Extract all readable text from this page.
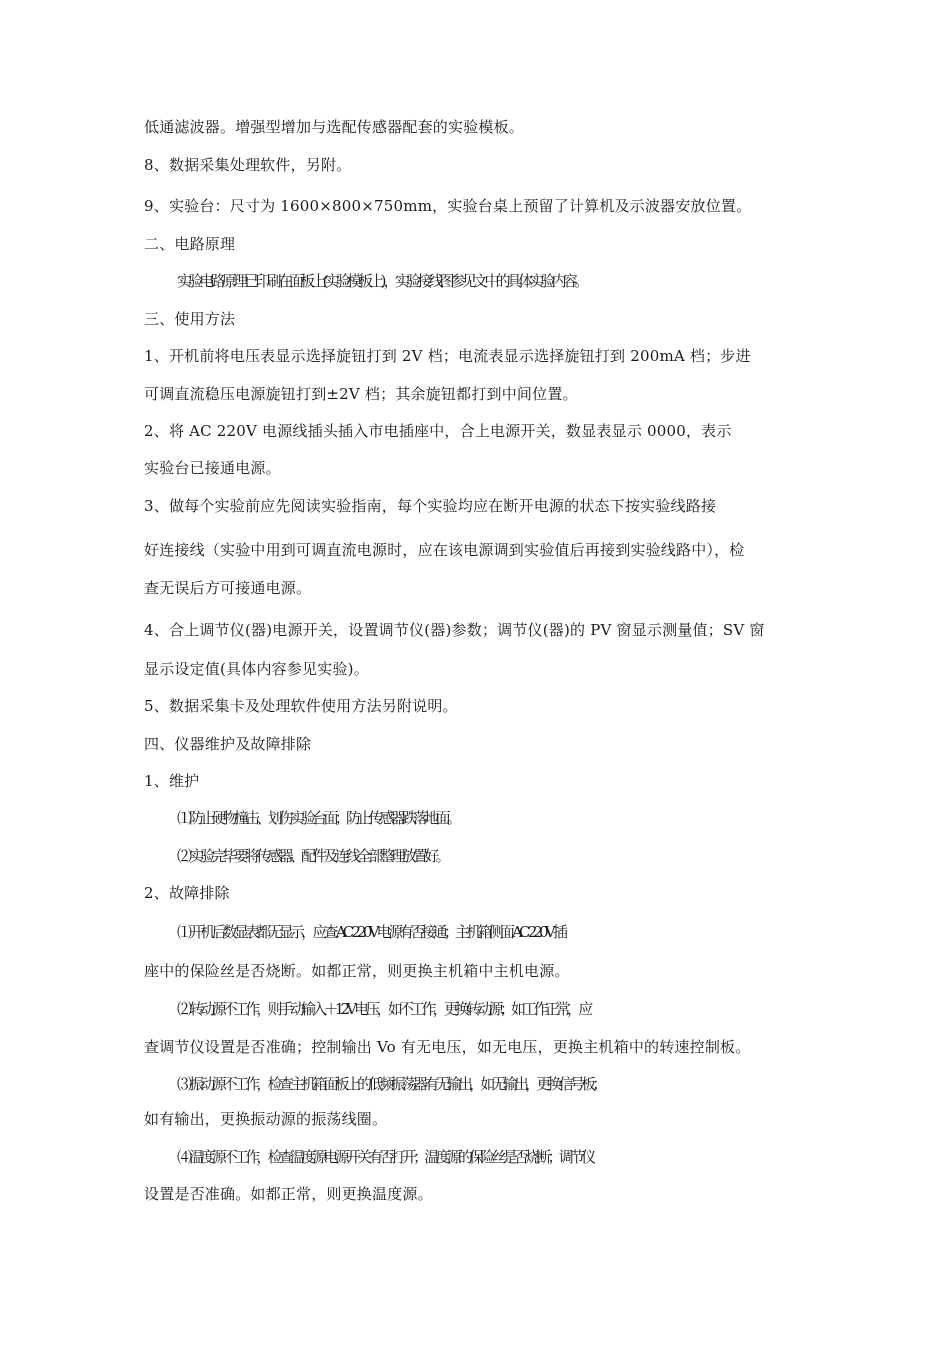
低通滤波器。增强型增加与选配传感器配套的实验模板。
8、数据采集处理软件，另附。
9、实验台：尺寸为 1600×800×750mm，实验台桌上预留了计算机及示波器安放位置。
二、电路原理
实验电路原理已印刷在面板上(实验模板上) ，实验接线图参见文中的具体实验内容。
三、使用方法
1、开机前将电压表显示选择旋钮打到 2V 档；电流表显示选择旋钮打到 200mA 档；步进
可调直流稳压电源旋钮打到±2V 档；其余旋钮都打到中间位置。
2、将 AC 220V 电源线插头插入市电插座中，合上电源开关，数显表显示 0000，表示
实验台已接通电源。
3、做每个实验前应先阅读实验指南，每个实验均应在断开电源的状态下按实验线路接
好连接线（实验中用到可调直流电源时，应在该电源调到实验值后再接到实验线路中），检
查无误后方可接通电源。
4、合上调节仪(器)电源开关，设置调节仪(器)参数；调节仪(器)的 PV 窗显示测量值；SV 窗
显示设定值(具体内容参见实验)。
5、数据采集卡及处理软件使用方法另附说明。
四、仪器维护及故障排除
1、维护
⑴ 防止硬物撞击、划伤实验台面；防止传感器跌落地面。
⑵ 实验完毕要将传感器、配件及连线全部整理放置好。
2、故障排除
⑴ 开机后数显表都无显示，应查 AC 220V 电源有否接通；主机箱侧面 AC 220V 插
座中的保险丝是否烧断。如都正常，则更换主机箱中主机电源。
⑵ 转动源不工作，则手动输入＋12V 电压，如不工作，更换转动源；如工作正常，应
查调节仪设置是否准确；控制输出 Vo 有无电压，如无电压，更换主机箱中的转速控制板。
⑶ 振动源不工作，检查主机箱面板上的低频振荡器有无输出，如无输出，更换信号板；
如有输出，更换振动源的振荡线圈。
⑷ 温度源不工作，检查温度源电源开关有否打开；温度源的保险丝是否烧断；调节仪
设置是否准确。如都正常，则更换温度源。
